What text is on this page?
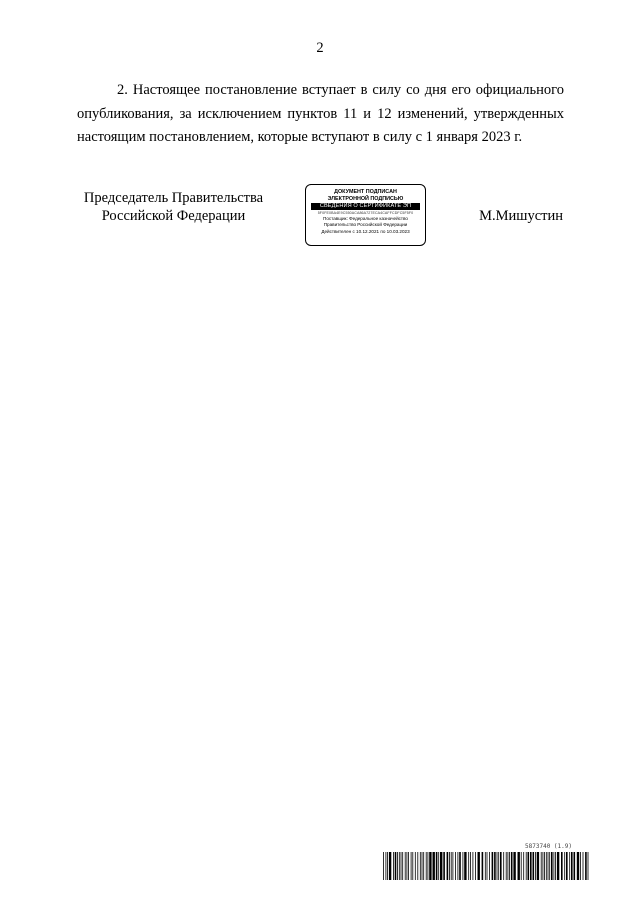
2

2. Настоящее постановление вступает в силу со дня его официального опубликования, за исключением пунктов 11 и 12 изменений, утвержденных настоящим постановлением, которые вступают в силу с 1 января 2023 г.

Председатель Правительства
Российской Федерации
ДОКУМЕНТ ПОДПИСАН
ЭЛЕКТРОННОЙ ПОДПИСЬЮ
СВЕДЕНИЯ О СЕРТИФИКАТЕ ЭП
5F0FE0BA4E9C550ACA86A727ECA4CAFFCDFC5F5F0
Поставщик: Федеральное казначейство
Правительство Российской Федерации
Действителен с 10.12.2021 по 10.03.2023
М.Мишустин
5873740 (1.9)
